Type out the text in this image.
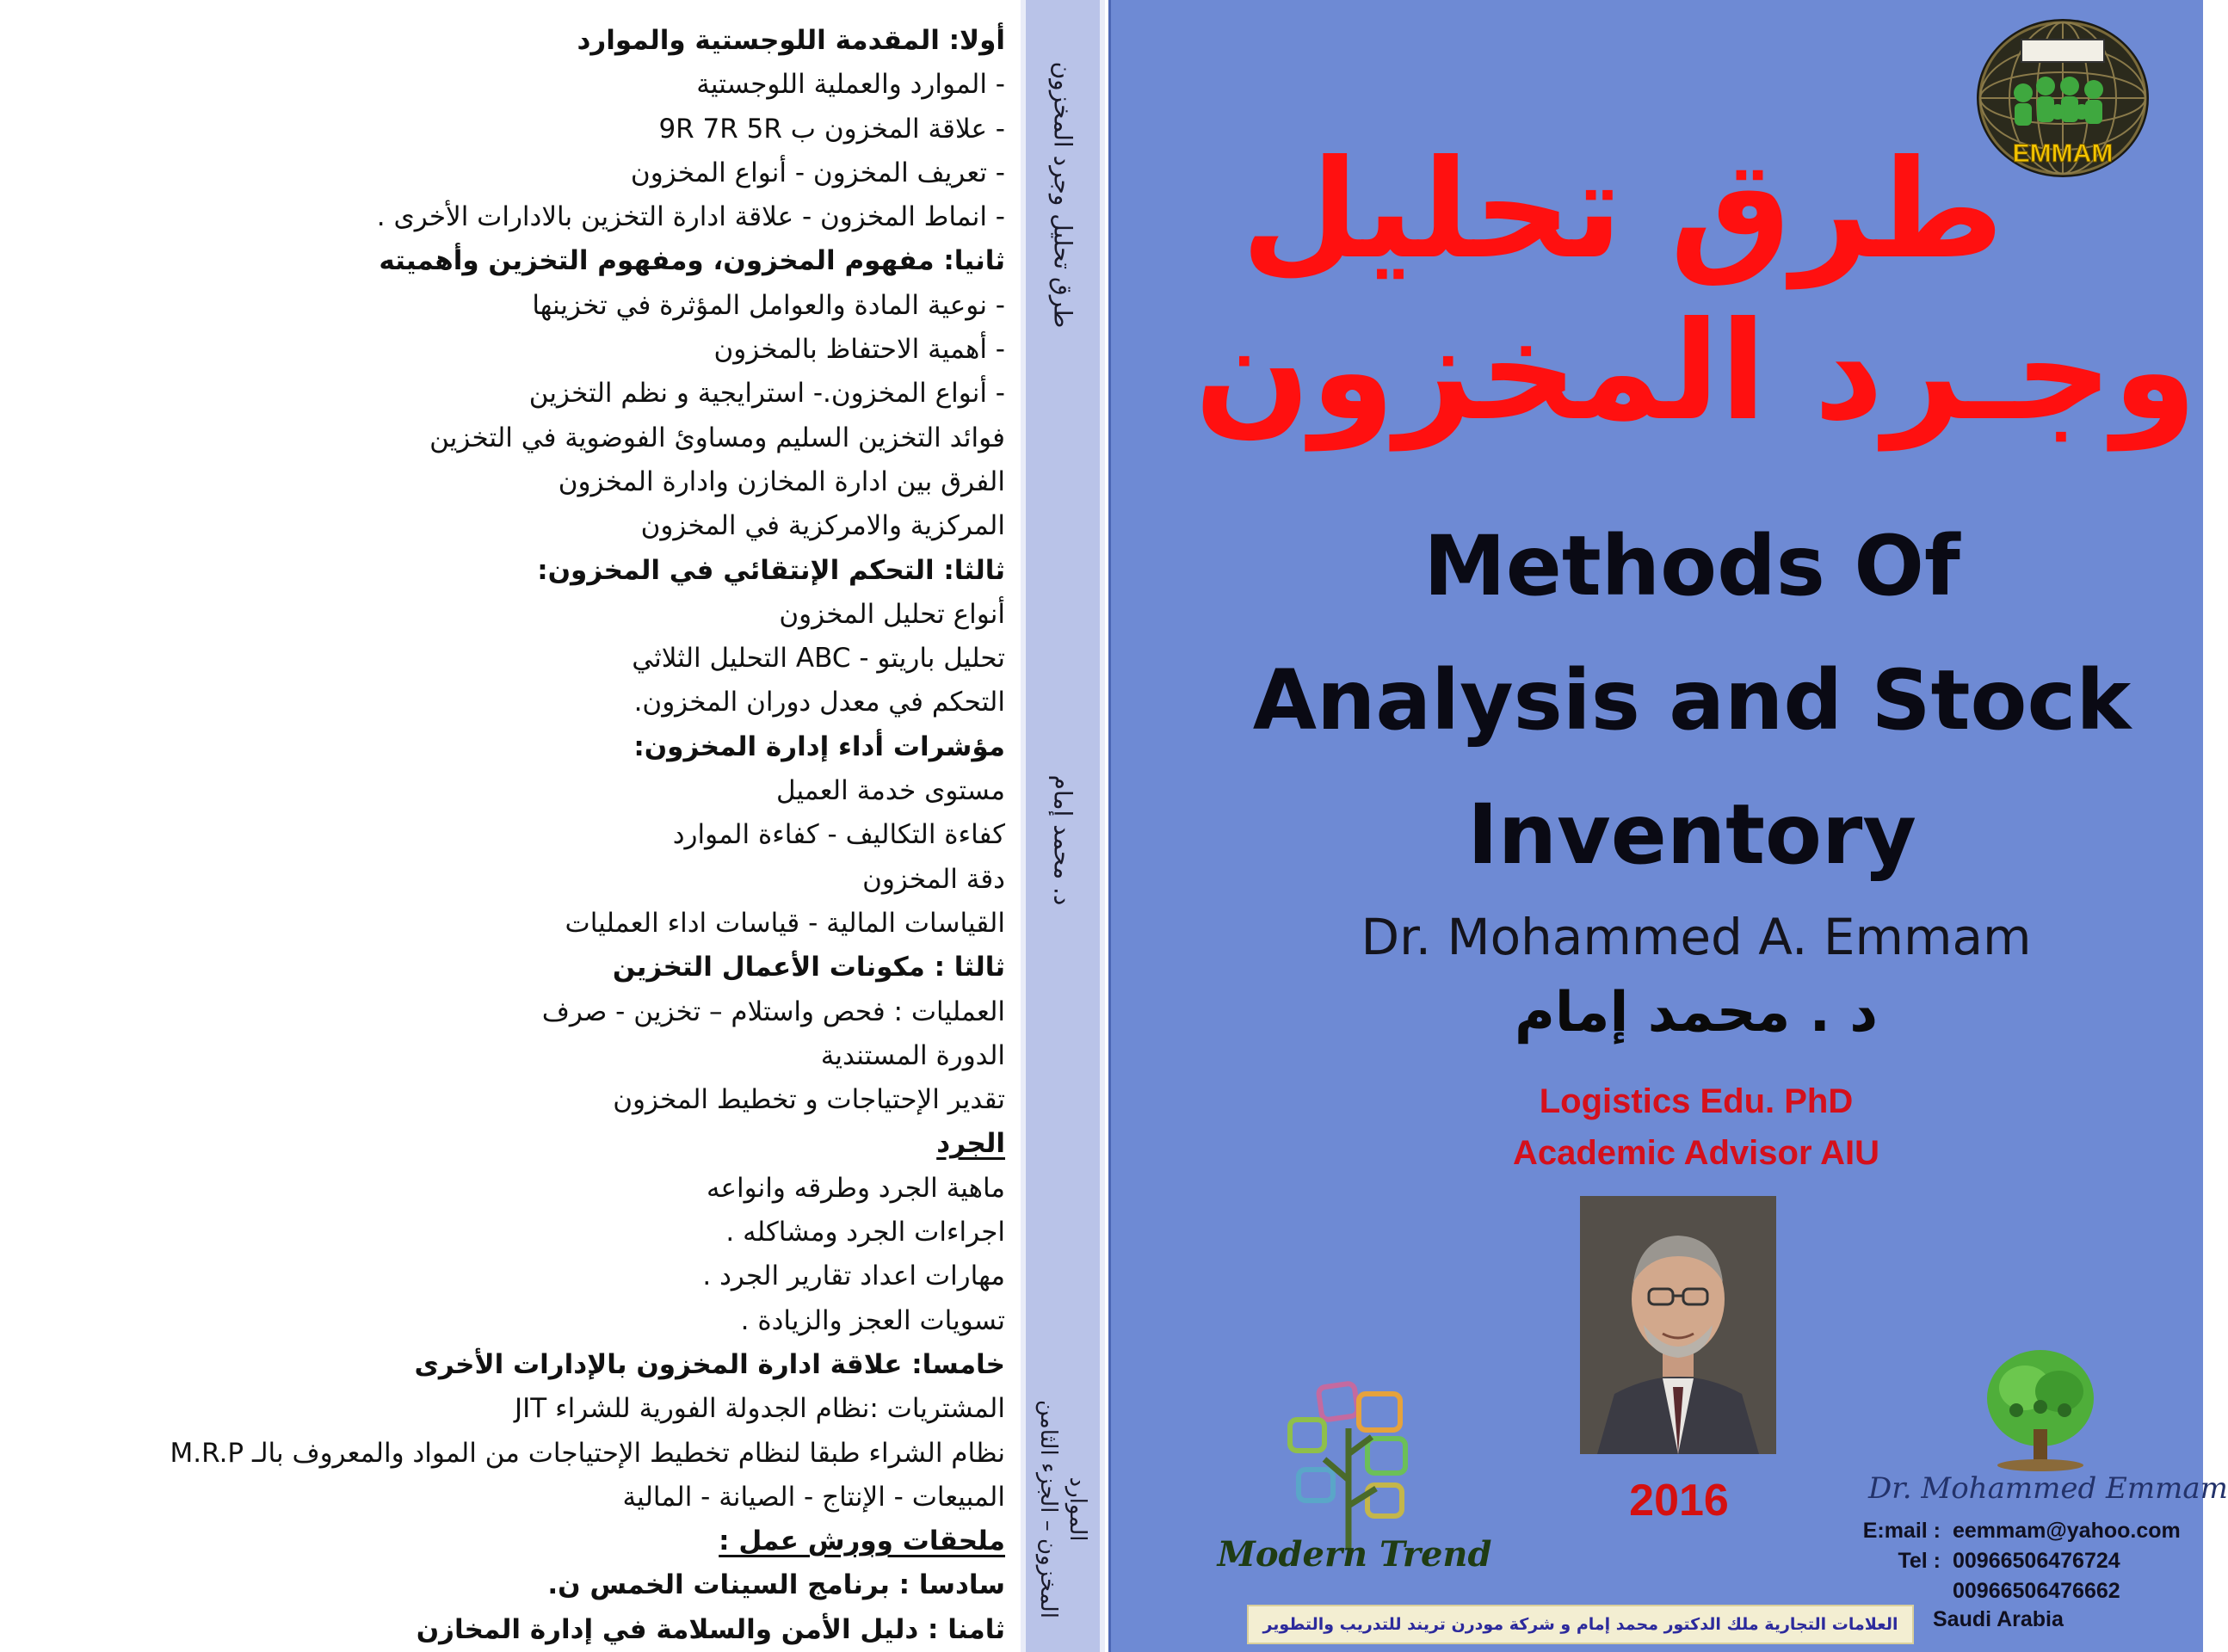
أولا: المقدمة اللوجستية والموارد
- الموارد والعملية اللوجستية
- علاقة المخزون ب 9R 7R 5R
- تعريف المخزون - أنواع المخزون
- انماط المخزون - علاقة ادارة التخزين بالادارات الأخرى .
ثانيا: مفهوم المخزون، ومفهوم التخزين وأهميته
- نوعية المادة والعوامل المؤثرة في تخزينها
- أهمية الاحتفاظ بالمخزون
- أنواع المخزون.- استرايجية و نظم التخزين
فوائد التخزين السليم ومساوئ الفوضوية في التخزين
الفرق بين ادارة المخازن وادارة المخزون
المركزية والامركزية في المخزون
ثالثا: التحكم الإنتقائي في المخزون:
أنواع تحليل المخزون
تحليل باريتو - ABC التحليل الثلاثي
التحكم في معدل دوران المخزون.
مؤشرات أداء إدارة المخزون:
مستوى خدمة العميل
كفاءة التكاليف - كفاءة الموارد
دقة المخزون
القياسات المالية - قياسات اداء العمليات
ثالثا : مكونات الأعمال التخزين
العمليات : فحص واستلام – تخزين - صرف
الدورة المستندية
تقدير الإحتياجات و تخطيط المخزون
الجرد
ماهية الجرد وطرقه وانواعه
اجراءات الجرد ومشاكله .
مهارات اعداد تقارير الجرد .
تسويات العجز والزيادة .
خامسا: علاقة ادارة المخزون بالإدارات الأخرى
المشتريات :نظام الجدولة الفورية للشراء JIT
نظام الشراء طبقا لنظام تخطيط الإحتياجات من المواد والمعروف بالـ M.R.P
المبيعات - الإنتاج - الصيانة - المالية
ملحقات وورش عمل :
سادسا : برنامج السينات الخمس ن.
ثامنا : دليل الأمن والسلامة في إدارة المخازن
طرق تحليل وجرد المخزون
د. محمد إمام
الموارد
المخزون – الجزء الثامن
EMMAM
طرق تحليل
وجـرد المخزون
Methods Of
Analysis and Stock
Inventory
Dr. Mohammed A. Emmam
د . محمد إمام
Logistics Edu. PhD
Academic Advisor AIU
2016
Modern Trend
Dr. Mohammed Emmam
E:mail : eemmam@yahoo.com
Tel : 00966506476724
00966506476662
Saudi Arabia
العلامات التجارية ملك الدكتور محمد إمام و شركة مودرن تريند للتدريب والتطوير
